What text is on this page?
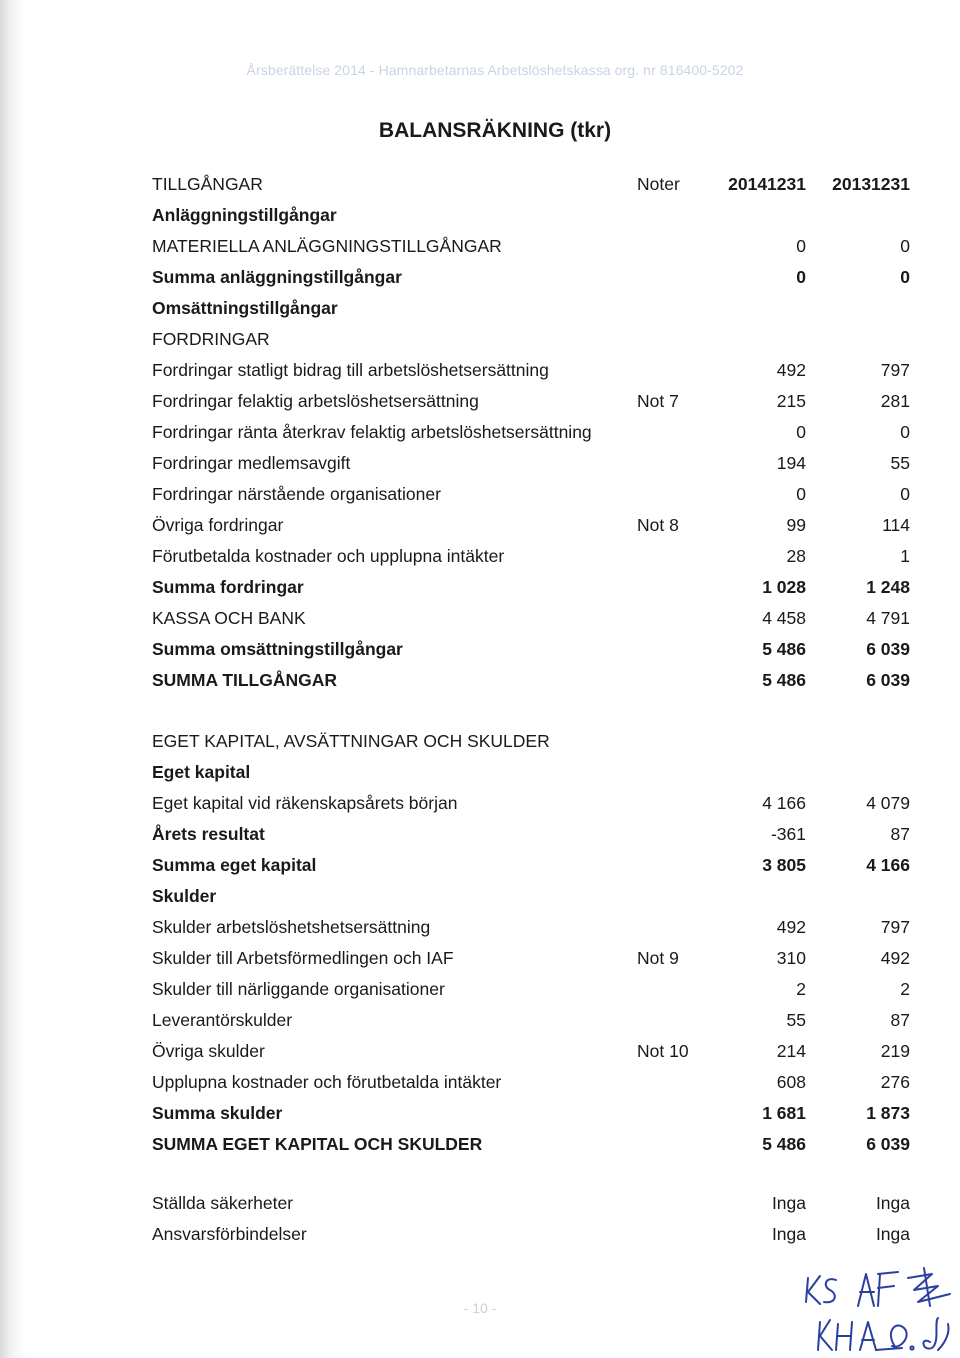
Årsberättelse 2014 - Hamnarbetarnas Arbetslöshetskassa org. nr 816400-5202
BALANSRÄKNING (tkr)
TILLGÅNGAR	Noter	20141231 20131231
Anläggningstillgångar
MATERIELLA ANLÄGGNINGSTILLGÅNGAR	0	0
Summa anläggningstillgångar	0	0
Omsättningstillgångar
FORDRINGAR
Fordringar statligt bidrag till arbetslöshetsersättning	492	797
Fordringar felaktig arbetslöshetsersättning	Not 7	215	281
Fordringar ränta återkrav felaktig arbetslöshetsersättning	0	0
Fordringar medlemsavgift	194	55
Fordringar närstående organisationer	0	0
Övriga fordringar	Not 8	99	114
Förutbetalda kostnader och upplupna intäkter	28	1
Summa fordringar	1 028	1 248
KASSA OCH BANK	4 458	4 791
Summa omsättningstillgångar	5 486	6 039
SUMMA TILLGÅNGAR	5 486	6 039
EGET KAPITAL, AVSÄTTNINGAR OCH SKULDER
Eget kapital
Eget kapital vid räkenskapsårets början	4 166	4 079
Årets resultat	-361	87
Summa eget kapital	3 805	4 166
Skulder
Skulder arbetslöshetshetsersättning	492	797
Skulder till Arbetsförmedlingen och IAF	Not 9	310	492
Skulder till närliggande organisationer	2	2
Leverantörskulder	55	87
Övriga skulder	Not 10	214	219
Upplupna kostnader och förutbetalda intäkter	608	276
Summa skulder	1 681	1 873
SUMMA EGET KAPITAL OCH SKULDER	5 486	6 039
Ställda säkerheter	Inga	Inga
Ansvarsförbindelser	Inga	Inga
- 10 -
